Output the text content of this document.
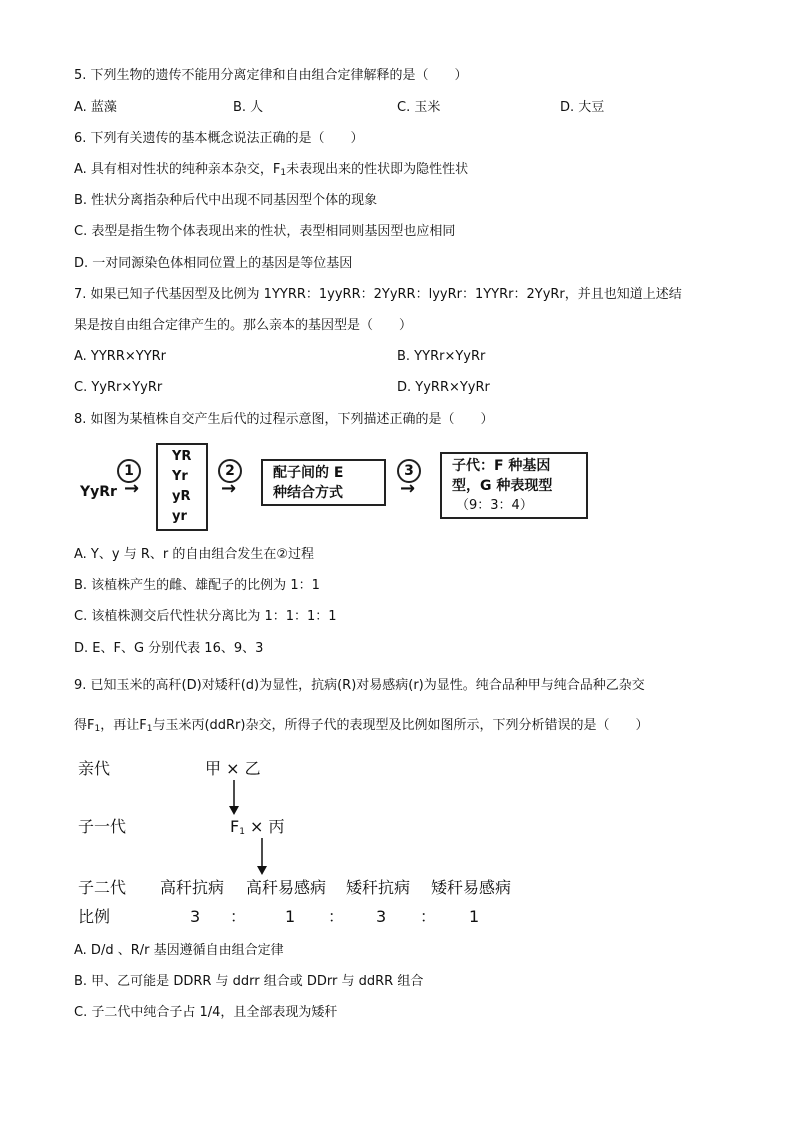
5. 下列生物的遗传不能用分离定律和自由组合定律解释的是（　　）
A. 蓝藻	B. 人	C. 玉米	D. 大豆
6. 下列有关遗传的基本概念说法正确的是（　　）
A. 具有相对性状的纯种亲本杂交，$F_1$未表现出来的性状即为隐性性状
B. 性状分离指杂种后代中出现不同基因型个体的现象
C. 表型是指生物个体表现出来的性状，表型相同则基因型也应相同
D. 一对同源染色体相同位置上的基因是等位基因
7. 如果已知子代基因型及比例为 1YYRR：1yyRR：2YyRR：lyyRr：1YYRr：2YyRr，并且也知道上述结
果是按自由组合定律产生的。那么亲本的基因型是（　　）
A. YYRR×YYRr	B. YYRr×YyRr
C. YyRr×YyRr	D. YyRR×YyRr
8. 如图为某植株自交产生后代的过程示意图，下列描述正确的是（　　）
YyRr
1
→
YR
Yr
yR
yr
2
→
配子间的 E
种结合方式
3
→
子代：F 种基因
型，G 种表现型
（9：3：4）
A. Y、y 与 R、r 的自由组合发生在②过程
B. 该植株产生的雌、雄配子的比例为 1：1
C. 该植株测交后代性状分离比为 1：1：1：1
D. E、F、G 分别代表 16、9、3
9. 已知玉米的高秆(D)对矮秆(d)为显性，抗病(R)对易感病(r)为显性。纯合品种甲与纯合品种乙杂交
得$F_1$，再让$F_1$与玉米丙(ddRr)杂交，所得子代的表现型及比例如图所示，下列分析错误的是（　　）
亲代	甲 × 乙
子一代	$F_1$ × 丙
子二代 高秆抗病 高秆易感病 矮秆抗病 矮秆易感病
比例	3 ： 1 ： 3 ： 1
A. D/d 、R/r 基因遵循自由组合定律
B. 甲、乙可能是 DDRR 与 ddrr 组合或 DDrr 与 ddRR 组合
C. 子二代中纯合子占 1/4，且全部表现为矮秆
